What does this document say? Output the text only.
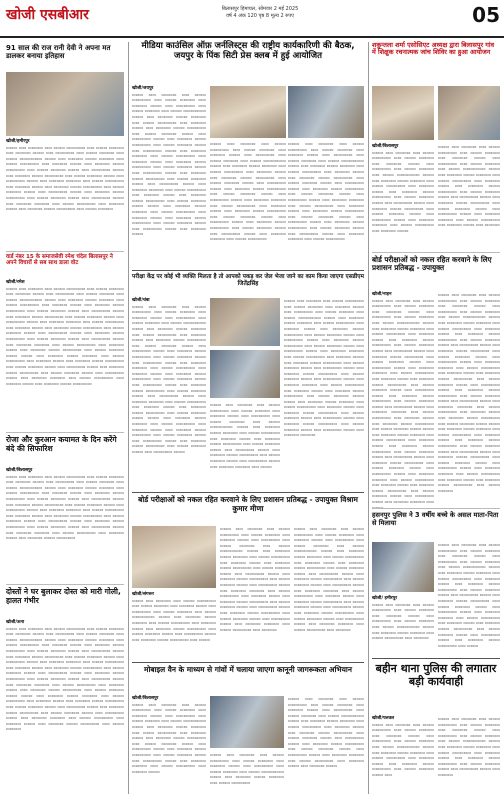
खोजी एसबीआर	बिलासपुर हिमाचल, सोमवार 2 मई 2025
वर्ष 4 अंक 120 पृष्ठ 8 मूल्य 2 रुपए	05
91 साल की राज रानी देवी ने अपना मत डालकर बनाया इतिहास
खोजी/हमीरपुर
▭▭▭ ▭▭ ▭▭▭▭ ▭▭ ▭▭▭ ▭▭▭▭▭ ▭▭ ▭▭▭ ▭▭▭▭ ▭▭ ▭▭▭▭ ▭▭▭ ▭▭ ▭▭▭▭▭ ▭▭ ▭▭▭ ▭▭▭▭ ▭▭ ▭▭▭ ▭▭▭▭▭▭ ▭▭▭ ▭▭ ▭▭▭▭ ▭▭▭ ▭▭▭▭ ▭▭ ▭▭▭ ▭▭▭▭▭ ▭▭ ▭▭▭▭ ▭▭▭ ▭▭ ▭▭▭▭ ▭▭▭ ▭▭▭▭▭ ▭▭ ▭▭▭ ▭▭▭▭ ▭▭▭ ▭▭ ▭▭▭▭▭ ▭▭▭ ▭▭ ▭▭▭▭ ▭▭▭ ▭▭▭▭▭ ▭▭ ▭▭▭ ▭▭▭▭ ▭▭▭ ▭▭ ▭▭▭▭▭ ▭▭▭ ▭▭ ▭▭▭▭ ▭▭▭▭ ▭▭ ▭▭▭ ▭▭▭▭▭ ▭▭ ▭▭▭▭ ▭▭▭ ▭▭ ▭▭▭▭ ▭▭▭ ▭▭▭▭▭ ▭▭ ▭▭▭ ▭▭▭▭ ▭▭▭ ▭▭ ▭▭▭▭▭ ▭▭▭ ▭▭ ▭▭▭▭ ▭▭▭ ▭▭▭▭▭ ▭▭ ▭▭▭ ▭▭▭▭ ▭▭▭ ▭▭ ▭▭▭▭▭ ▭▭▭ ▭▭ ▭▭▭▭ ▭▭▭▭ ▭▭ ▭▭▭ ▭▭▭▭▭ ▭▭ ▭▭▭▭ ▭▭▭ ▭▭ ▭▭▭▭ ▭▭▭ ▭▭▭▭▭ ▭▭ ▭▭▭ ▭▭▭▭
वार्ड नंबर 15 के समाजसेवी रमेश चंदेल बिलासपुर ने अपने विचारों से सब साथ डाला वोट
खोजी/रमेश
▭▭▭ ▭▭ ▭▭▭▭ ▭▭ ▭▭▭ ▭▭▭▭▭ ▭▭ ▭▭▭ ▭▭▭▭ ▭▭ ▭▭▭▭ ▭▭▭ ▭▭ ▭▭▭▭▭ ▭▭ ▭▭▭ ▭▭▭▭ ▭▭ ▭▭▭ ▭▭▭▭▭▭ ▭▭▭ ▭▭ ▭▭▭▭ ▭▭▭ ▭▭▭▭ ▭▭ ▭▭▭ ▭▭▭▭▭ ▭▭ ▭▭▭▭ ▭▭▭ ▭▭ ▭▭▭▭ ▭▭▭ ▭▭▭▭▭ ▭▭ ▭▭▭ ▭▭▭▭ ▭▭▭ ▭▭ ▭▭▭▭▭ ▭▭▭ ▭▭ ▭▭▭▭ ▭▭▭ ▭▭▭▭▭ ▭▭ ▭▭▭ ▭▭▭▭ ▭▭▭ ▭▭ ▭▭▭▭▭ ▭▭▭ ▭▭ ▭▭▭▭ ▭▭▭▭ ▭▭ ▭▭▭ ▭▭▭▭▭ ▭▭ ▭▭▭▭ ▭▭▭ ▭▭ ▭▭▭▭ ▭▭▭ ▭▭▭▭▭ ▭▭ ▭▭▭ ▭▭▭▭ ▭▭▭ ▭▭ ▭▭▭▭▭ ▭▭▭ ▭▭ ▭▭▭▭ ▭▭▭ ▭▭▭▭▭ ▭▭ ▭▭▭ ▭▭▭▭ ▭▭▭ ▭▭ ▭▭▭▭▭ ▭▭▭ ▭▭ ▭▭▭▭ ▭▭▭▭ ▭▭ ▭▭▭ ▭▭▭▭▭ ▭▭ ▭▭▭▭ ▭▭▭ ▭▭ ▭▭▭▭ ▭▭▭ ▭▭▭▭▭ ▭▭ ▭▭▭ ▭▭▭▭ ▭▭▭ ▭▭▭ ▭▭ ▭▭▭▭ ▭▭▭ ▭▭▭▭ ▭▭ ▭▭▭ ▭▭▭▭▭ ▭▭ ▭▭▭▭ ▭▭▭ ▭▭ ▭▭▭▭ ▭▭▭ ▭▭▭▭▭ ▭▭ ▭▭▭ ▭▭▭▭ ▭▭▭ ▭▭ ▭▭▭▭▭ ▭▭▭ ▭▭ ▭▭▭▭ ▭▭▭ ▭▭▭▭▭ ▭▭ ▭▭▭ ▭▭▭▭ ▭▭▭ ▭▭ ▭▭▭▭▭ ▭▭▭ ▭▭ ▭▭▭▭ ▭▭▭▭ ▭▭ ▭▭▭ ▭▭▭▭▭ ▭▭ ▭▭▭▭ ▭▭▭ ▭▭ ▭▭▭▭ ▭▭▭ ▭▭▭▭▭
रोजा और कुरआन कयामत के दिन करेंगे बंदे की सिफारिश
खोजी/बिलासपुर
▭▭▭ ▭▭ ▭▭▭▭ ▭▭ ▭▭▭ ▭▭▭▭▭ ▭▭ ▭▭▭ ▭▭▭▭ ▭▭ ▭▭▭▭ ▭▭▭ ▭▭ ▭▭▭▭▭ ▭▭ ▭▭▭ ▭▭▭▭ ▭▭ ▭▭▭ ▭▭▭▭▭▭ ▭▭▭ ▭▭ ▭▭▭▭ ▭▭▭ ▭▭▭▭ ▭▭ ▭▭▭ ▭▭▭▭▭ ▭▭ ▭▭▭▭ ▭▭▭ ▭▭ ▭▭▭▭ ▭▭▭ ▭▭▭▭▭ ▭▭ ▭▭▭ ▭▭▭▭ ▭▭▭ ▭▭ ▭▭▭▭▭ ▭▭▭ ▭▭ ▭▭▭▭ ▭▭▭ ▭▭▭▭▭ ▭▭ ▭▭▭ ▭▭▭▭ ▭▭▭ ▭▭ ▭▭▭▭▭ ▭▭▭ ▭▭ ▭▭▭▭ ▭▭▭▭ ▭▭ ▭▭▭ ▭▭▭▭▭ ▭▭ ▭▭▭▭ ▭▭▭ ▭▭ ▭▭▭▭ ▭▭▭ ▭▭▭▭▭ ▭▭ ▭▭▭ ▭▭▭▭ ▭▭▭ ▭▭ ▭▭▭▭▭ ▭▭▭ ▭▭ ▭▭▭▭ ▭▭▭ ▭▭▭▭▭ ▭▭ ▭▭▭ ▭▭▭▭ ▭▭▭ ▭▭ ▭▭▭▭▭ ▭▭▭ ▭▭ ▭▭▭▭ ▭▭▭▭ ▭▭ ▭▭▭ ▭▭▭▭▭ ▭▭ ▭▭▭▭ ▭▭▭ ▭▭ ▭▭▭▭ ▭▭▭ ▭▭▭▭▭
दोस्तों ने घर बुलाकर दोस्त को मारी गोली, हालत गंभीर
खोजी/ऊना
▭▭▭ ▭▭ ▭▭▭▭ ▭▭ ▭▭▭ ▭▭▭▭▭ ▭▭ ▭▭▭ ▭▭▭▭ ▭▭ ▭▭▭▭ ▭▭▭ ▭▭ ▭▭▭▭▭ ▭▭ ▭▭▭ ▭▭▭▭ ▭▭ ▭▭▭ ▭▭▭▭▭▭ ▭▭▭ ▭▭ ▭▭▭▭ ▭▭▭ ▭▭▭▭ ▭▭ ▭▭▭ ▭▭▭▭▭ ▭▭ ▭▭▭▭ ▭▭▭ ▭▭ ▭▭▭▭ ▭▭▭ ▭▭▭▭▭ ▭▭ ▭▭▭ ▭▭▭▭ ▭▭▭ ▭▭ ▭▭▭▭▭ ▭▭▭ ▭▭ ▭▭▭▭ ▭▭▭ ▭▭▭▭▭ ▭▭ ▭▭▭ ▭▭▭▭ ▭▭▭ ▭▭ ▭▭▭▭▭ ▭▭▭ ▭▭ ▭▭▭▭ ▭▭▭▭ ▭▭ ▭▭▭ ▭▭▭▭▭ ▭▭ ▭▭▭▭ ▭▭▭ ▭▭ ▭▭▭▭ ▭▭▭ ▭▭▭▭▭ ▭▭ ▭▭▭ ▭▭▭▭ ▭▭▭ ▭▭ ▭▭▭▭▭ ▭▭▭ ▭▭ ▭▭▭▭ ▭▭▭ ▭▭▭▭▭ ▭▭ ▭▭▭ ▭▭▭▭ ▭▭▭ ▭▭ ▭▭▭▭▭ ▭▭▭ ▭▭ ▭▭▭▭ ▭▭▭▭ ▭▭ ▭▭▭ ▭▭▭▭▭ ▭▭ ▭▭▭▭ ▭▭▭ ▭▭ ▭▭▭▭ ▭▭▭ ▭▭▭▭▭ ▭▭ ▭▭▭ ▭▭▭▭ ▭▭▭ ▭▭▭ ▭▭ ▭▭▭▭ ▭▭▭ ▭▭▭▭ ▭▭ ▭▭▭ ▭▭▭▭▭ ▭▭ ▭▭▭▭ ▭▭▭ ▭▭ ▭▭▭▭ ▭▭▭ ▭▭▭▭▭ ▭▭ ▭▭▭ ▭▭▭▭ ▭▭▭ ▭▭ ▭▭▭▭▭ ▭▭▭ ▭▭ ▭▭▭▭ ▭▭▭ ▭▭▭▭▭ ▭▭ ▭▭▭ ▭▭▭▭ ▭▭▭ ▭▭ ▭▭▭▭▭ ▭▭▭ ▭▭ ▭▭▭▭ ▭▭▭▭ ▭▭ ▭▭▭ ▭▭▭▭▭ ▭▭ ▭▭▭▭ ▭▭▭ ▭▭ ▭▭▭▭ ▭▭▭ ▭▭▭▭▭ ▭▭ ▭▭▭ ▭▭▭▭
मीडिया काउंसिल ऑफ़ जर्नलिस्ट्स की राष्ट्रीय कार्यकारिणी की बैठक, जयपुर के पिंक सिटी प्रेस क्लब में हुई आयोजित
खोजी/जयपुर
▭▭▭ ▭▭ ▭▭▭▭ ▭▭ ▭▭▭ ▭▭▭▭▭ ▭▭ ▭▭▭ ▭▭▭▭ ▭▭ ▭▭▭▭ ▭▭▭ ▭▭ ▭▭▭▭▭ ▭▭ ▭▭▭ ▭▭▭▭ ▭▭ ▭▭▭ ▭▭▭▭▭▭ ▭▭▭ ▭▭ ▭▭▭▭ ▭▭▭ ▭▭▭▭ ▭▭ ▭▭▭ ▭▭▭▭▭ ▭▭ ▭▭▭▭ ▭▭▭ ▭▭ ▭▭▭▭ ▭▭▭ ▭▭▭▭▭ ▭▭ ▭▭▭ ▭▭▭▭ ▭▭▭ ▭▭ ▭▭▭▭▭ ▭▭▭ ▭▭ ▭▭▭▭ ▭▭▭ ▭▭▭▭▭ ▭▭ ▭▭▭ ▭▭▭▭ ▭▭▭ ▭▭ ▭▭▭▭▭ ▭▭▭ ▭▭ ▭▭▭▭ ▭▭▭▭ ▭▭ ▭▭▭ ▭▭▭▭▭ ▭▭ ▭▭▭▭ ▭▭▭ ▭▭ ▭▭▭▭ ▭▭▭ ▭▭▭▭▭ ▭▭ ▭▭▭ ▭▭▭▭ ▭▭▭ ▭▭ ▭▭▭▭▭ ▭▭▭ ▭▭ ▭▭▭▭ ▭▭▭ ▭▭▭▭▭ ▭▭ ▭▭▭ ▭▭▭▭ ▭▭▭ ▭▭ ▭▭▭▭▭ ▭▭▭ ▭▭ ▭▭▭▭ ▭▭▭▭ ▭▭ ▭▭▭ ▭▭▭▭▭ ▭▭ ▭▭▭▭ ▭▭▭ ▭▭ ▭▭▭▭ ▭▭▭ ▭▭▭▭▭ ▭▭ ▭▭▭ ▭▭▭▭ ▭▭▭ ▭▭▭ ▭▭ ▭▭▭▭ ▭▭▭ ▭▭▭▭ ▭▭ ▭▭▭ ▭▭▭▭▭ ▭▭ ▭▭▭▭ ▭▭▭ ▭▭ ▭▭▭▭ ▭▭▭ ▭▭▭▭▭ ▭▭ ▭▭▭ ▭▭▭▭ ▭▭▭ ▭▭ ▭▭▭▭▭ ▭▭▭ ▭▭ ▭▭▭▭ ▭▭▭
▭▭▭ ▭▭ ▭▭▭▭ ▭▭ ▭▭▭ ▭▭▭▭▭ ▭▭ ▭▭▭ ▭▭▭▭ ▭▭ ▭▭▭▭ ▭▭▭ ▭▭ ▭▭▭▭▭ ▭▭ ▭▭▭ ▭▭▭▭ ▭▭ ▭▭▭ ▭▭▭▭▭▭ ▭▭▭ ▭▭ ▭▭▭▭ ▭▭▭ ▭▭▭▭ ▭▭ ▭▭▭ ▭▭▭▭▭ ▭▭ ▭▭▭▭ ▭▭▭ ▭▭ ▭▭▭▭ ▭▭▭ ▭▭▭▭▭ ▭▭ ▭▭▭ ▭▭▭▭ ▭▭▭ ▭▭ ▭▭▭▭▭ ▭▭▭ ▭▭ ▭▭▭▭ ▭▭▭ ▭▭▭▭▭ ▭▭ ▭▭▭ ▭▭▭▭ ▭▭▭ ▭▭ ▭▭▭▭▭ ▭▭▭ ▭▭ ▭▭▭▭ ▭▭▭▭ ▭▭ ▭▭▭ ▭▭▭▭▭ ▭▭ ▭▭▭▭ ▭▭▭ ▭▭ ▭▭▭▭ ▭▭▭ ▭▭▭▭▭ ▭▭ ▭▭▭ ▭▭▭▭ ▭▭▭ ▭▭ ▭▭▭▭▭ ▭▭▭ ▭▭ ▭▭▭▭ ▭▭▭ ▭▭▭▭▭ ▭▭ ▭▭▭ ▭▭▭▭ ▭▭▭ ▭▭ ▭▭▭▭▭ ▭▭▭ ▭▭ ▭▭▭▭ ▭▭▭▭ ▭▭ ▭▭▭ ▭▭▭▭▭
▭▭▭ ▭▭ ▭▭▭▭ ▭▭ ▭▭▭ ▭▭▭▭▭ ▭▭ ▭▭▭ ▭▭▭▭ ▭▭ ▭▭▭▭ ▭▭▭ ▭▭ ▭▭▭▭▭ ▭▭ ▭▭▭ ▭▭▭▭ ▭▭ ▭▭▭ ▭▭▭▭▭▭ ▭▭▭ ▭▭ ▭▭▭▭ ▭▭▭ ▭▭▭▭ ▭▭ ▭▭▭ ▭▭▭▭▭ ▭▭ ▭▭▭▭ ▭▭▭ ▭▭ ▭▭▭▭ ▭▭▭ ▭▭▭▭▭ ▭▭ ▭▭▭ ▭▭▭▭ ▭▭▭ ▭▭ ▭▭▭▭▭ ▭▭▭ ▭▭ ▭▭▭▭ ▭▭▭ ▭▭▭▭▭ ▭▭ ▭▭▭ ▭▭▭▭ ▭▭▭ ▭▭ ▭▭▭▭▭ ▭▭▭ ▭▭ ▭▭▭▭ ▭▭▭▭ ▭▭ ▭▭▭ ▭▭▭▭▭ ▭▭ ▭▭▭▭ ▭▭▭ ▭▭ ▭▭▭▭ ▭▭▭ ▭▭▭▭▭ ▭▭ ▭▭▭ ▭▭▭▭ ▭▭▭ ▭▭ ▭▭▭▭▭ ▭▭▭ ▭▭ ▭▭▭▭ ▭▭▭ ▭▭▭▭▭ ▭▭ ▭▭▭ ▭▭▭▭ ▭▭▭ ▭▭ ▭▭▭▭▭ ▭▭▭ ▭▭ ▭▭▭▭ ▭▭▭▭ ▭▭ ▭▭▭ ▭▭▭▭▭
परीक्षा केंद्र पर कोई भी व्यक्ति मिलता है तो आपको पकड़ कर जेल भेजा जाने का काम किया जाएगा एसडीएम जितेंद्रसिंह
खोजी/चंबा
▭▭▭ ▭▭ ▭▭▭▭ ▭▭ ▭▭▭ ▭▭▭▭▭ ▭▭ ▭▭▭ ▭▭▭▭ ▭▭ ▭▭▭▭ ▭▭▭ ▭▭ ▭▭▭▭▭ ▭▭ ▭▭▭ ▭▭▭▭ ▭▭ ▭▭▭ ▭▭▭▭▭▭ ▭▭▭ ▭▭ ▭▭▭▭ ▭▭▭ ▭▭▭▭ ▭▭ ▭▭▭ ▭▭▭▭▭ ▭▭ ▭▭▭▭ ▭▭▭ ▭▭ ▭▭▭▭ ▭▭▭ ▭▭▭▭▭ ▭▭ ▭▭▭ ▭▭▭▭ ▭▭▭ ▭▭ ▭▭▭▭▭ ▭▭▭ ▭▭ ▭▭▭▭ ▭▭▭ ▭▭▭▭▭ ▭▭ ▭▭▭ ▭▭▭▭ ▭▭▭ ▭▭ ▭▭▭▭▭ ▭▭▭ ▭▭ ▭▭▭▭ ▭▭▭▭ ▭▭ ▭▭▭ ▭▭▭▭▭ ▭▭ ▭▭▭▭ ▭▭▭ ▭▭ ▭▭▭▭ ▭▭▭ ▭▭▭▭▭ ▭▭ ▭▭▭ ▭▭▭▭ ▭▭▭ ▭▭ ▭▭▭▭▭ ▭▭▭ ▭▭ ▭▭▭▭ ▭▭▭ ▭▭▭▭▭ ▭▭ ▭▭▭ ▭▭▭▭ ▭▭▭ ▭▭ ▭▭▭▭▭ ▭▭▭ ▭▭ ▭▭▭▭ ▭▭▭▭ ▭▭ ▭▭▭ ▭▭▭▭▭ ▭▭ ▭▭▭▭ ▭▭▭ ▭▭ ▭▭▭▭ ▭▭▭ ▭▭▭▭▭ ▭▭ ▭▭▭ ▭▭▭▭ ▭▭▭ ▭▭▭ ▭▭ ▭▭▭▭ ▭▭▭ ▭▭▭▭ ▭▭ ▭▭▭ ▭▭▭▭▭ ▭▭ ▭▭▭▭ ▭▭▭ ▭▭ ▭▭▭▭ ▭▭▭ ▭▭▭▭▭ ▭▭ ▭▭▭ ▭▭▭▭ ▭▭▭ ▭▭ ▭▭▭▭▭ ▭▭▭ ▭▭ ▭▭▭▭ ▭▭▭ ▭▭▭▭▭ ▭▭ ▭▭▭ ▭▭▭▭ ▭▭▭ ▭▭ ▭▭▭▭▭ ▭▭▭
▭▭▭ ▭▭ ▭▭▭▭ ▭▭ ▭▭▭ ▭▭▭▭▭ ▭▭ ▭▭▭ ▭▭▭▭ ▭▭ ▭▭▭▭ ▭▭▭ ▭▭ ▭▭▭▭▭ ▭▭ ▭▭▭ ▭▭▭▭ ▭▭ ▭▭▭ ▭▭▭▭▭▭ ▭▭▭ ▭▭ ▭▭▭▭ ▭▭▭ ▭▭▭▭ ▭▭ ▭▭▭ ▭▭▭▭▭ ▭▭ ▭▭▭▭ ▭▭▭ ▭▭ ▭▭▭▭ ▭▭▭ ▭▭▭▭▭ ▭▭ ▭▭▭ ▭▭▭▭ ▭▭▭ ▭▭ ▭▭▭▭▭ ▭▭▭ ▭▭ ▭▭▭▭ ▭▭▭ ▭▭▭▭▭ ▭▭ ▭▭▭ ▭▭▭▭ ▭▭▭ ▭▭ ▭▭▭▭▭ ▭▭▭ ▭▭ ▭▭▭▭ ▭▭▭▭ ▭▭ ▭▭▭
▭▭▭ ▭▭ ▭▭▭▭ ▭▭ ▭▭▭ ▭▭▭▭▭ ▭▭ ▭▭▭ ▭▭▭▭ ▭▭ ▭▭▭▭ ▭▭▭ ▭▭ ▭▭▭▭▭ ▭▭ ▭▭▭ ▭▭▭▭ ▭▭ ▭▭▭ ▭▭▭▭▭▭ ▭▭▭ ▭▭ ▭▭▭▭ ▭▭▭ ▭▭▭▭ ▭▭ ▭▭▭ ▭▭▭▭▭ ▭▭ ▭▭▭▭ ▭▭▭ ▭▭ ▭▭▭▭ ▭▭▭ ▭▭▭▭▭ ▭▭ ▭▭▭ ▭▭▭▭ ▭▭▭ ▭▭ ▭▭▭▭▭ ▭▭▭ ▭▭ ▭▭▭▭ ▭▭▭ ▭▭▭▭▭ ▭▭ ▭▭▭ ▭▭▭▭ ▭▭▭ ▭▭ ▭▭▭▭▭ ▭▭▭ ▭▭ ▭▭▭▭ ▭▭▭▭ ▭▭ ▭▭▭ ▭▭▭▭▭ ▭▭ ▭▭▭▭ ▭▭▭ ▭▭ ▭▭▭▭ ▭▭▭ ▭▭▭▭▭ ▭▭ ▭▭▭ ▭▭▭▭ ▭▭▭ ▭▭ ▭▭▭▭▭ ▭▭▭ ▭▭ ▭▭▭▭ ▭▭▭ ▭▭▭▭▭ ▭▭ ▭▭▭ ▭▭▭▭ ▭▭▭ ▭▭ ▭▭▭▭▭ ▭▭▭ ▭▭ ▭▭▭▭ ▭▭▭▭ ▭▭ ▭▭▭ ▭▭▭▭▭ ▭▭ ▭▭▭▭ ▭▭▭ ▭▭ ▭▭▭▭ ▭▭▭ ▭▭▭▭▭ ▭▭ ▭▭▭ ▭▭▭▭ ▭▭▭ ▭▭▭ ▭▭ ▭▭▭▭ ▭▭▭ ▭▭▭▭ ▭▭ ▭▭▭ ▭▭▭▭▭ ▭▭ ▭▭▭▭ ▭▭▭ ▭▭ ▭▭▭▭ ▭▭▭ ▭▭▭▭▭ ▭▭ ▭▭▭ ▭▭▭▭ ▭▭▭ ▭▭ ▭▭▭▭▭ ▭▭▭ ▭▭ ▭▭▭▭ ▭▭▭ ▭▭▭▭▭ ▭▭ ▭▭▭ ▭▭▭▭ ▭▭▭ ▭▭ ▭▭▭▭▭ ▭▭▭ ▭▭ ▭▭▭▭ ▭▭▭▭
बोर्ड परीक्षाओं को नकल रहित करवाने के लिए प्रशासन प्रतिबद्ध - उपायुक्त विश्राम कुमार मीणा
खोजी/संगरूर
▭▭▭ ▭▭ ▭▭▭▭ ▭▭ ▭▭▭ ▭▭▭▭▭ ▭▭ ▭▭▭ ▭▭▭▭ ▭▭ ▭▭▭▭ ▭▭▭ ▭▭ ▭▭▭▭▭ ▭▭ ▭▭▭ ▭▭▭▭ ▭▭ ▭▭▭ ▭▭▭▭▭▭ ▭▭▭ ▭▭ ▭▭▭▭ ▭▭▭ ▭▭▭▭ ▭▭ ▭▭▭ ▭▭▭▭▭ ▭▭ ▭▭▭▭ ▭▭▭ ▭▭ ▭▭▭▭ ▭▭▭ ▭▭▭▭▭ ▭▭ ▭▭▭ ▭▭▭▭ ▭▭▭ ▭▭ ▭▭▭▭▭ ▭▭▭ ▭▭ ▭▭▭▭ ▭▭▭ ▭▭▭▭▭ ▭▭ ▭▭▭
▭▭▭ ▭▭ ▭▭▭▭ ▭▭ ▭▭▭ ▭▭▭▭▭ ▭▭ ▭▭▭ ▭▭▭▭ ▭▭ ▭▭▭▭ ▭▭▭ ▭▭ ▭▭▭▭▭ ▭▭ ▭▭▭ ▭▭▭▭ ▭▭ ▭▭▭ ▭▭▭▭▭▭ ▭▭▭ ▭▭ ▭▭▭▭ ▭▭▭ ▭▭▭▭ ▭▭ ▭▭▭ ▭▭▭▭▭ ▭▭ ▭▭▭▭ ▭▭▭ ▭▭ ▭▭▭▭ ▭▭▭ ▭▭▭▭▭ ▭▭ ▭▭▭ ▭▭▭▭ ▭▭▭ ▭▭ ▭▭▭▭▭ ▭▭▭ ▭▭ ▭▭▭▭ ▭▭▭ ▭▭▭▭▭ ▭▭ ▭▭▭ ▭▭▭▭ ▭▭▭ ▭▭ ▭▭▭▭▭ ▭▭▭ ▭▭ ▭▭▭▭ ▭▭▭▭ ▭▭ ▭▭▭ ▭▭▭▭▭ ▭▭ ▭▭▭▭ ▭▭▭ ▭▭ ▭▭▭▭ ▭▭▭ ▭▭▭▭▭ ▭▭ ▭▭▭ ▭▭▭▭ ▭▭▭ ▭▭ ▭▭▭▭▭ ▭▭▭ ▭▭ ▭▭▭▭ ▭▭▭ ▭▭▭▭▭ ▭▭ ▭▭▭ ▭▭▭▭ ▭▭▭ ▭▭ ▭▭▭▭▭ ▭▭▭ ▭▭ ▭▭▭▭ ▭▭▭▭ ▭▭ ▭▭▭ ▭▭▭▭▭ ▭▭ ▭▭▭▭
▭▭▭ ▭▭ ▭▭▭▭ ▭▭ ▭▭▭ ▭▭▭▭▭ ▭▭ ▭▭▭ ▭▭▭▭ ▭▭ ▭▭▭▭ ▭▭▭ ▭▭ ▭▭▭▭▭ ▭▭ ▭▭▭ ▭▭▭▭ ▭▭ ▭▭▭ ▭▭▭▭▭▭ ▭▭▭ ▭▭ ▭▭▭▭ ▭▭▭ ▭▭▭▭ ▭▭ ▭▭▭ ▭▭▭▭▭ ▭▭ ▭▭▭▭ ▭▭▭ ▭▭ ▭▭▭▭ ▭▭▭ ▭▭▭▭▭ ▭▭ ▭▭▭ ▭▭▭▭ ▭▭▭ ▭▭ ▭▭▭▭▭ ▭▭▭ ▭▭ ▭▭▭▭ ▭▭▭ ▭▭▭▭▭ ▭▭ ▭▭▭ ▭▭▭▭ ▭▭▭ ▭▭ ▭▭▭▭▭ ▭▭▭ ▭▭ ▭▭▭▭ ▭▭▭▭ ▭▭ ▭▭▭ ▭▭▭▭▭ ▭▭ ▭▭▭▭ ▭▭▭ ▭▭ ▭▭▭▭ ▭▭▭ ▭▭▭▭▭ ▭▭ ▭▭▭ ▭▭▭▭ ▭▭▭ ▭▭ ▭▭▭▭▭ ▭▭▭ ▭▭ ▭▭▭▭ ▭▭▭ ▭▭▭▭▭ ▭▭ ▭▭▭ ▭▭▭▭ ▭▭▭ ▭▭ ▭▭▭▭▭ ▭▭▭ ▭▭ ▭▭▭▭ ▭▭▭▭ ▭▭ ▭▭▭ ▭▭▭▭▭ ▭▭ ▭▭▭▭
मोबाइल वैन के माध्यम से गांवों में चलाया जाएगा कानूनी जागरूकता अभियान
खोजी/बिलासपुर
▭▭▭ ▭▭ ▭▭▭▭ ▭▭ ▭▭▭ ▭▭▭▭▭ ▭▭ ▭▭▭ ▭▭▭▭ ▭▭ ▭▭▭▭ ▭▭▭ ▭▭ ▭▭▭▭▭ ▭▭ ▭▭▭ ▭▭▭▭ ▭▭ ▭▭▭ ▭▭▭▭▭▭ ▭▭▭ ▭▭ ▭▭▭▭ ▭▭▭ ▭▭▭▭ ▭▭ ▭▭▭ ▭▭▭▭▭ ▭▭ ▭▭▭▭ ▭▭▭ ▭▭ ▭▭▭▭ ▭▭▭ ▭▭▭▭▭ ▭▭ ▭▭▭ ▭▭▭▭ ▭▭▭ ▭▭ ▭▭▭▭▭ ▭▭▭ ▭▭ ▭▭▭▭ ▭▭▭ ▭▭▭▭▭ ▭▭ ▭▭▭ ▭▭▭▭ ▭▭▭ ▭▭ ▭▭▭▭▭ ▭▭▭ ▭▭ ▭▭▭▭ ▭▭▭▭ ▭▭ ▭▭▭ ▭▭▭▭▭ ▭▭ ▭▭▭▭ ▭▭▭
▭▭▭ ▭▭ ▭▭▭▭ ▭▭ ▭▭▭ ▭▭▭▭▭ ▭▭ ▭▭▭ ▭▭▭▭ ▭▭ ▭▭▭▭ ▭▭▭ ▭▭ ▭▭▭▭▭ ▭▭ ▭▭▭ ▭▭▭▭ ▭▭ ▭▭▭ ▭▭▭▭▭▭ ▭▭▭ ▭▭ ▭▭▭▭ ▭▭▭ ▭▭▭▭ ▭▭ ▭▭▭ ▭▭▭▭▭
▭▭▭ ▭▭ ▭▭▭▭ ▭▭ ▭▭▭ ▭▭▭▭▭ ▭▭ ▭▭▭ ▭▭▭▭ ▭▭ ▭▭▭▭ ▭▭▭ ▭▭ ▭▭▭▭▭ ▭▭ ▭▭▭ ▭▭▭▭ ▭▭ ▭▭▭ ▭▭▭▭▭▭ ▭▭▭ ▭▭ ▭▭▭▭ ▭▭▭ ▭▭▭▭ ▭▭ ▭▭▭ ▭▭▭▭▭ ▭▭ ▭▭▭▭ ▭▭▭ ▭▭ ▭▭▭▭ ▭▭▭ ▭▭▭▭▭ ▭▭ ▭▭▭ ▭▭▭▭ ▭▭▭ ▭▭ ▭▭▭▭▭ ▭▭▭ ▭▭ ▭▭▭▭ ▭▭▭ ▭▭▭▭▭ ▭▭ ▭▭▭ ▭▭▭▭ ▭▭▭ ▭▭ ▭▭▭▭▭ ▭▭▭ ▭▭ ▭▭▭▭ ▭▭▭▭ ▭▭ ▭▭▭ ▭▭▭▭▭ ▭▭ ▭▭▭▭ ▭▭▭ ▭▭ ▭▭▭▭ ▭▭▭
शकुन्तला शर्मा एसोसिएट अध्यक्ष द्वारा बिलासपुर गांव में शिक्षुक रचनात्मक जांच शिविर का हुआ आयोजन
खोजी/बिलासपुर
▭▭▭ ▭▭ ▭▭▭▭ ▭▭ ▭▭▭ ▭▭▭▭▭ ▭▭ ▭▭▭ ▭▭▭▭ ▭▭ ▭▭▭▭ ▭▭▭ ▭▭ ▭▭▭▭▭ ▭▭ ▭▭▭ ▭▭▭▭ ▭▭ ▭▭▭ ▭▭▭▭▭▭ ▭▭▭ ▭▭ ▭▭▭▭ ▭▭▭ ▭▭▭▭ ▭▭ ▭▭▭ ▭▭▭▭▭ ▭▭ ▭▭▭▭ ▭▭▭ ▭▭ ▭▭▭▭ ▭▭▭ ▭▭▭▭▭ ▭▭ ▭▭▭ ▭▭▭▭ ▭▭▭ ▭▭ ▭▭▭▭▭ ▭▭▭ ▭▭ ▭▭▭▭ ▭▭▭ ▭▭▭▭▭ ▭▭ ▭▭▭ ▭▭▭▭ ▭▭▭ ▭▭ ▭▭▭▭▭ ▭▭▭ ▭▭ ▭▭▭▭ ▭▭▭▭ ▭▭ ▭▭▭ ▭▭▭▭▭ ▭▭ ▭▭▭▭ ▭▭▭
▭▭▭ ▭▭ ▭▭▭▭ ▭▭ ▭▭▭ ▭▭▭▭▭ ▭▭ ▭▭▭ ▭▭▭▭ ▭▭ ▭▭▭▭ ▭▭▭ ▭▭ ▭▭▭▭▭ ▭▭ ▭▭▭ ▭▭▭▭ ▭▭ ▭▭▭ ▭▭▭▭▭▭ ▭▭▭ ▭▭ ▭▭▭▭ ▭▭▭ ▭▭▭▭ ▭▭ ▭▭▭ ▭▭▭▭▭ ▭▭ ▭▭▭▭ ▭▭▭ ▭▭ ▭▭▭▭ ▭▭▭ ▭▭▭▭▭ ▭▭ ▭▭▭ ▭▭▭▭ ▭▭▭ ▭▭ ▭▭▭▭▭ ▭▭▭ ▭▭ ▭▭▭▭ ▭▭▭ ▭▭▭▭▭ ▭▭ ▭▭▭ ▭▭▭▭ ▭▭▭ ▭▭ ▭▭▭▭▭ ▭▭▭ ▭▭ ▭▭▭▭ ▭▭▭▭ ▭▭ ▭▭▭ ▭▭▭▭▭ ▭▭ ▭▭▭▭ ▭▭▭ ▭▭ ▭▭▭▭
बोर्ड परीक्षाओं को नकल रहित करवाने के लिए प्रशासन प्रतिबद्ध - उपायुक्त
खोजी/नाहन
▭▭▭ ▭▭ ▭▭▭▭ ▭▭ ▭▭▭ ▭▭▭▭▭ ▭▭ ▭▭▭ ▭▭▭▭ ▭▭ ▭▭▭▭ ▭▭▭ ▭▭ ▭▭▭▭▭ ▭▭ ▭▭▭ ▭▭▭▭ ▭▭ ▭▭▭ ▭▭▭▭▭▭ ▭▭▭ ▭▭ ▭▭▭▭ ▭▭▭ ▭▭▭▭ ▭▭ ▭▭▭ ▭▭▭▭▭ ▭▭ ▭▭▭▭ ▭▭▭ ▭▭ ▭▭▭▭ ▭▭▭ ▭▭▭▭▭ ▭▭ ▭▭▭ ▭▭▭▭ ▭▭▭ ▭▭ ▭▭▭▭▭ ▭▭▭ ▭▭ ▭▭▭▭ ▭▭▭ ▭▭▭▭▭ ▭▭ ▭▭▭ ▭▭▭▭ ▭▭▭ ▭▭ ▭▭▭▭▭ ▭▭▭ ▭▭ ▭▭▭▭ ▭▭▭▭ ▭▭ ▭▭▭ ▭▭▭▭▭ ▭▭ ▭▭▭▭ ▭▭▭ ▭▭ ▭▭▭▭ ▭▭▭ ▭▭▭▭▭ ▭▭ ▭▭▭ ▭▭▭▭ ▭▭▭ ▭▭ ▭▭▭▭▭ ▭▭▭ ▭▭ ▭▭▭▭ ▭▭▭ ▭▭▭▭▭ ▭▭ ▭▭▭ ▭▭▭▭ ▭▭▭ ▭▭ ▭▭▭▭▭ ▭▭▭ ▭▭ ▭▭▭▭ ▭▭▭▭ ▭▭ ▭▭▭ ▭▭▭▭▭ ▭▭ ▭▭▭▭ ▭▭▭ ▭▭ ▭▭▭▭ ▭▭▭ ▭▭▭▭▭ ▭▭ ▭▭▭ ▭▭▭▭ ▭▭▭ ▭▭▭ ▭▭ ▭▭▭▭ ▭▭▭ ▭▭▭▭ ▭▭ ▭▭▭ ▭▭▭▭▭ ▭▭ ▭▭▭▭ ▭▭▭ ▭▭ ▭▭▭▭ ▭▭▭ ▭▭▭▭▭ ▭▭ ▭▭▭ ▭▭▭▭ ▭▭▭ ▭▭ ▭▭▭▭▭ ▭▭▭ ▭▭ ▭▭▭▭ ▭▭▭ ▭▭▭▭▭ ▭▭ ▭▭▭ ▭▭▭▭ ▭▭▭ ▭▭ ▭▭▭▭▭ ▭▭▭ ▭▭ ▭▭▭▭ ▭▭▭▭ ▭▭ ▭▭▭ ▭▭▭▭▭ ▭▭ ▭▭▭▭ ▭▭▭ ▭▭ ▭▭▭▭ ▭▭▭ ▭▭▭▭▭ ▭▭ ▭▭▭ ▭▭▭▭ ▭▭▭ ▭▭ ▭▭▭▭▭ ▭▭▭ ▭▭ ▭▭▭▭ ▭▭▭▭ ▭▭
▭▭▭ ▭▭ ▭▭▭▭ ▭▭ ▭▭▭ ▭▭▭▭▭ ▭▭ ▭▭▭ ▭▭▭▭ ▭▭ ▭▭▭▭ ▭▭▭ ▭▭ ▭▭▭▭▭ ▭▭ ▭▭▭ ▭▭▭▭ ▭▭ ▭▭▭ ▭▭▭▭▭▭ ▭▭▭ ▭▭ ▭▭▭▭ ▭▭▭ ▭▭▭▭ ▭▭ ▭▭▭ ▭▭▭▭▭ ▭▭ ▭▭▭▭ ▭▭▭ ▭▭ ▭▭▭▭ ▭▭▭ ▭▭▭▭▭ ▭▭ ▭▭▭ ▭▭▭▭ ▭▭▭ ▭▭ ▭▭▭▭▭ ▭▭▭ ▭▭ ▭▭▭▭ ▭▭▭ ▭▭▭▭▭ ▭▭ ▭▭▭ ▭▭▭▭ ▭▭▭ ▭▭ ▭▭▭▭▭ ▭▭▭ ▭▭ ▭▭▭▭ ▭▭▭▭ ▭▭ ▭▭▭ ▭▭▭▭▭ ▭▭ ▭▭▭▭ ▭▭▭ ▭▭ ▭▭▭▭ ▭▭▭ ▭▭▭▭▭ ▭▭ ▭▭▭ ▭▭▭▭ ▭▭▭ ▭▭ ▭▭▭▭▭ ▭▭▭ ▭▭ ▭▭▭▭ ▭▭▭ ▭▭▭▭▭ ▭▭ ▭▭▭ ▭▭▭▭ ▭▭▭ ▭▭ ▭▭▭▭▭ ▭▭▭ ▭▭ ▭▭▭▭ ▭▭▭▭ ▭▭ ▭▭▭ ▭▭▭▭▭ ▭▭ ▭▭▭▭ ▭▭▭ ▭▭ ▭▭▭▭ ▭▭▭ ▭▭▭▭▭ ▭▭ ▭▭▭ ▭▭▭▭ ▭▭▭ ▭▭▭ ▭▭ ▭▭▭▭ ▭▭▭ ▭▭▭▭ ▭▭ ▭▭▭ ▭▭▭▭▭ ▭▭ ▭▭▭▭ ▭▭▭ ▭▭ ▭▭▭▭ ▭▭▭ ▭▭▭▭▭ ▭▭ ▭▭▭ ▭▭▭▭ ▭▭▭ ▭▭ ▭▭▭▭▭ ▭▭▭ ▭▭ ▭▭▭▭ ▭▭▭ ▭▭▭▭▭ ▭▭ ▭▭▭ ▭▭▭▭ ▭▭▭ ▭▭ ▭▭▭▭▭ ▭▭▭ ▭▭ ▭▭▭▭ ▭▭▭▭ ▭▭ ▭▭▭ ▭▭▭▭▭ ▭▭ ▭▭▭▭ ▭▭▭ ▭▭ ▭▭▭▭ ▭▭▭ ▭▭▭▭▭ ▭▭ ▭▭▭ ▭▭▭▭
हसनपुर पुलिस ने 3 वर्षीय बच्चे के असल माता-पिता से मिलाया
खोजी/ हमीरपुर
▭▭▭ ▭▭ ▭▭▭▭ ▭▭ ▭▭▭ ▭▭▭▭▭ ▭▭ ▭▭▭ ▭▭▭▭ ▭▭ ▭▭▭▭ ▭▭▭ ▭▭ ▭▭▭▭▭ ▭▭ ▭▭▭ ▭▭▭▭ ▭▭ ▭▭▭ ▭▭▭▭▭▭ ▭▭▭ ▭▭ ▭▭▭▭ ▭▭▭ ▭▭▭▭ ▭▭ ▭▭▭ ▭▭▭▭▭ ▭▭ ▭▭▭▭
▭▭▭ ▭▭ ▭▭▭▭ ▭▭ ▭▭▭ ▭▭▭▭▭ ▭▭ ▭▭▭ ▭▭▭▭ ▭▭ ▭▭▭▭ ▭▭▭ ▭▭ ▭▭▭▭▭ ▭▭ ▭▭▭ ▭▭▭▭ ▭▭ ▭▭▭ ▭▭▭▭▭▭ ▭▭▭ ▭▭ ▭▭▭▭ ▭▭▭ ▭▭▭▭ ▭▭ ▭▭▭ ▭▭▭▭▭ ▭▭ ▭▭▭▭ ▭▭▭ ▭▭ ▭▭▭▭ ▭▭▭ ▭▭▭▭▭ ▭▭ ▭▭▭ ▭▭▭▭ ▭▭▭ ▭▭ ▭▭▭▭▭ ▭▭▭ ▭▭ ▭▭▭▭ ▭▭▭ ▭▭▭▭▭ ▭▭ ▭▭▭ ▭▭▭▭ ▭▭▭ ▭▭ ▭▭▭▭▭ ▭▭▭ ▭▭ ▭▭▭▭ ▭▭▭▭ ▭▭ ▭▭▭ ▭▭▭▭▭ ▭▭ ▭▭▭▭ ▭▭▭ ▭▭ ▭▭▭▭ ▭▭▭ ▭▭▭▭▭ ▭▭ ▭▭▭ ▭▭▭▭ ▭▭▭ ▭▭ ▭▭▭▭▭ ▭▭▭ ▭▭ ▭▭▭▭ ▭▭▭ ▭▭▭▭▭ ▭▭ ▭▭▭
बहीन थाना पुलिस की लगातार बड़ी कार्यवाही
खोजी/पलवल
▭▭▭ ▭▭ ▭▭▭▭ ▭▭ ▭▭▭ ▭▭▭▭▭ ▭▭ ▭▭▭ ▭▭▭▭ ▭▭ ▭▭▭▭ ▭▭▭ ▭▭ ▭▭▭▭▭ ▭▭ ▭▭▭ ▭▭▭▭ ▭▭ ▭▭▭ ▭▭▭▭▭▭ ▭▭▭ ▭▭ ▭▭▭▭ ▭▭▭ ▭▭▭▭ ▭▭ ▭▭▭ ▭▭▭▭▭ ▭▭ ▭▭▭▭ ▭▭▭ ▭▭ ▭▭▭▭ ▭▭▭ ▭▭▭▭▭ ▭▭ ▭▭▭ ▭▭▭▭ ▭▭▭ ▭▭
▭▭▭ ▭▭ ▭▭▭▭ ▭▭ ▭▭▭ ▭▭▭▭▭ ▭▭ ▭▭▭ ▭▭▭▭ ▭▭ ▭▭▭▭ ▭▭▭ ▭▭ ▭▭▭▭▭ ▭▭ ▭▭▭ ▭▭▭▭ ▭▭ ▭▭▭ ▭▭▭▭▭▭ ▭▭▭ ▭▭ ▭▭▭▭ ▭▭▭ ▭▭▭▭ ▭▭ ▭▭▭ ▭▭▭▭▭ ▭▭ ▭▭▭▭ ▭▭▭ ▭▭ ▭▭▭▭ ▭▭▭ ▭▭▭▭▭ ▭▭ ▭▭▭ ▭▭▭▭ ▭▭▭ ▭▭ ▭▭▭▭▭ ▭▭▭ ▭▭ ▭▭▭▭
